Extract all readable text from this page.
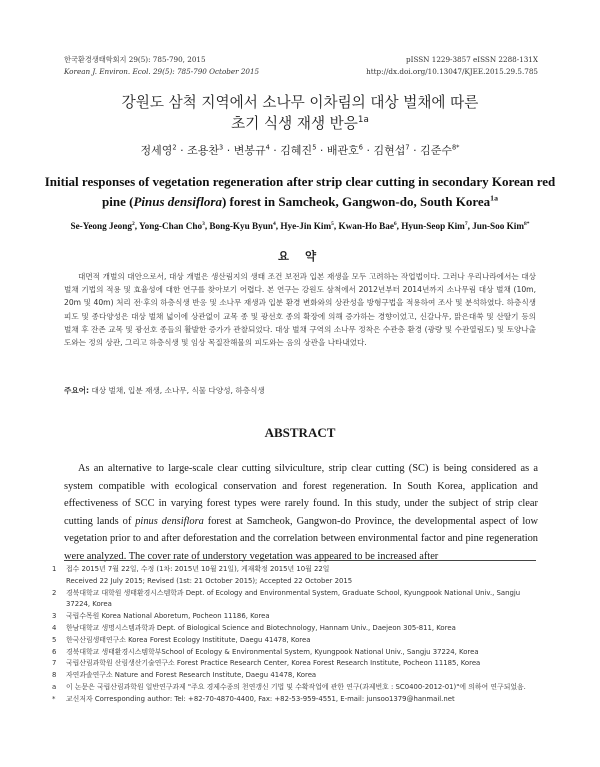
한국환경생태학회지 29(5): 785-790, 2015
Korean J. Environ. Ecol. 29(5): 785-790 October 2015
pISSN 1229-3857 eISSN 2288-131X
http://dx.doi.org/10.13047/KJEE.2015.29.5.785
강원도 삼척 지역에서 소나무 이차림의 대상 벌채에 따른
초기 식생 재생 반응$^{1a}$
정세영$^2$ · 조용찬$^3$ · 변봉규$^4$ · 김혜진$^5$ · 배관호$^6$ · 김현섭$^7$ · 김준수$^{8*}$
Initial responses of vegetation regeneration after strip clear cutting in secondary Korean red pine (Pinus densiflora) forest in Samcheok, Gangwon-do, South Korea$^{1a}$
Se-Yeong Jeong$^2$, Yong-Chan Cho$^3$, Bong-Kyu Byun$^4$, Hye-Jin Kim$^5$, Kwan-Ho Bae$^6$, Hyun-Seop Kim$^7$, Jun-Soo Kim$^{8*}$
요 약
대면적 개벌의 대안으로서, 대상 개벌은 생산림지의 생태 조건 보전과 입본 재생을 모두 고려하는 작업법이다. 그러나 우리나라에서는 대상 벌채 기법의 적용 및 효율성에 대한 연구를 찾아보기 어렵다. 본 연구는 강원도 삼척에서 2012년부터 2014년까지 소나무림 대상 벌채 (10m, 20m 및 40m) 처리 전·후의 하층식생 반응 및 소나무 재생과 입분 환경 변화와의 상관성을 방형구법을 적용하여 조사 및 분석하였다. 하층식생 피도 및 종다양성은 대상 벌채 넓이에 상관없이 교목 종 및 광선호 종의 확장에 의해 증가하는 경향이었고, 신갈나무, 맑은대쑥 및 산딸기 등의 벌채 후 잔존 교목 및 광선호 종들의 활발한 증가가 관찰되었다. 대상 벌채 구역의 소나무 정착은 수관층 환경 (광량 및 수관열림도) 및 토양나출도와는 정의 상관, 그리고 하층식생 및 임상 목질잔해물의 피도와는 음의 상관을 나타내었다.
주요어: 대상 벌채, 입분 재생, 소나무, 식물 다양성, 하층식생
ABSTRACT
As an alternative to large-scale clear cutting silviculture, strip clear cutting (SC) is being considered as a system compatible with ecological conservation and forest regeneration. In South Korea, application and effectiveness of SCC in varying forest types were rarely found. In this study, under the subject of strip clear cutting lands of pinus densiflora forest at Samcheok, Gangwon-do Province, the developmental aspect of low vegetation prior to and after deforestation and the correlation between environmental factor and pine regeneration were analyzed. The cover rate of understory vegetation was appeared to be increased after
1	접수 2015년 7월 22일, 수정 (1차: 2015년 10월 21일), 게재확정 2015년 10월 22일
Received 22 July 2015; Revised (1st: 21 October 2015); Accepted 22 October 2015
2	경북대학교 대학원 생태환경시스템학과 Dept. of Ecology and Environmental System, Graduate School, Kyungpook National Univ., Sangju 37224, Korea
3	국립수목원 Korea National Aboretum, Pocheon 11186, Korea
4	한남대학교 생명시스템과학과 Dept. of Biological Science and Biotechnology, Hannam Univ., Daejeon 305-811, Korea
5	한국산림생태연구소 Korea Forest Ecology Instititute, Daegu 41478, Korea
6	경북대학교 생태환경시스템학부School of Ecology & Environmental System, Kyungpook National Univ., Sangju 37224, Korea
7	국립산림과학원 산림생산기술연구소 Forest Practice Research Center, Korea Forest Research Institute, Pocheon 11185, Korea
8	자연과솔연구소 Nature and Forest Research Institute, Daegu 41478, Korea
a	이 논문은 국립산림과학원 일반연구과제 "주요 경제수종의 천연갱신 기법 및 수확작업에 관한 연구(과제번호 : SC0400-2012-01)"에 의하여 연구되었음.
*	교신저자 Corresponding author: Tel: +82-70-4870-4400, Fax: +82-53-959-4551, E-mail: junsoo1379@hanmail.net
